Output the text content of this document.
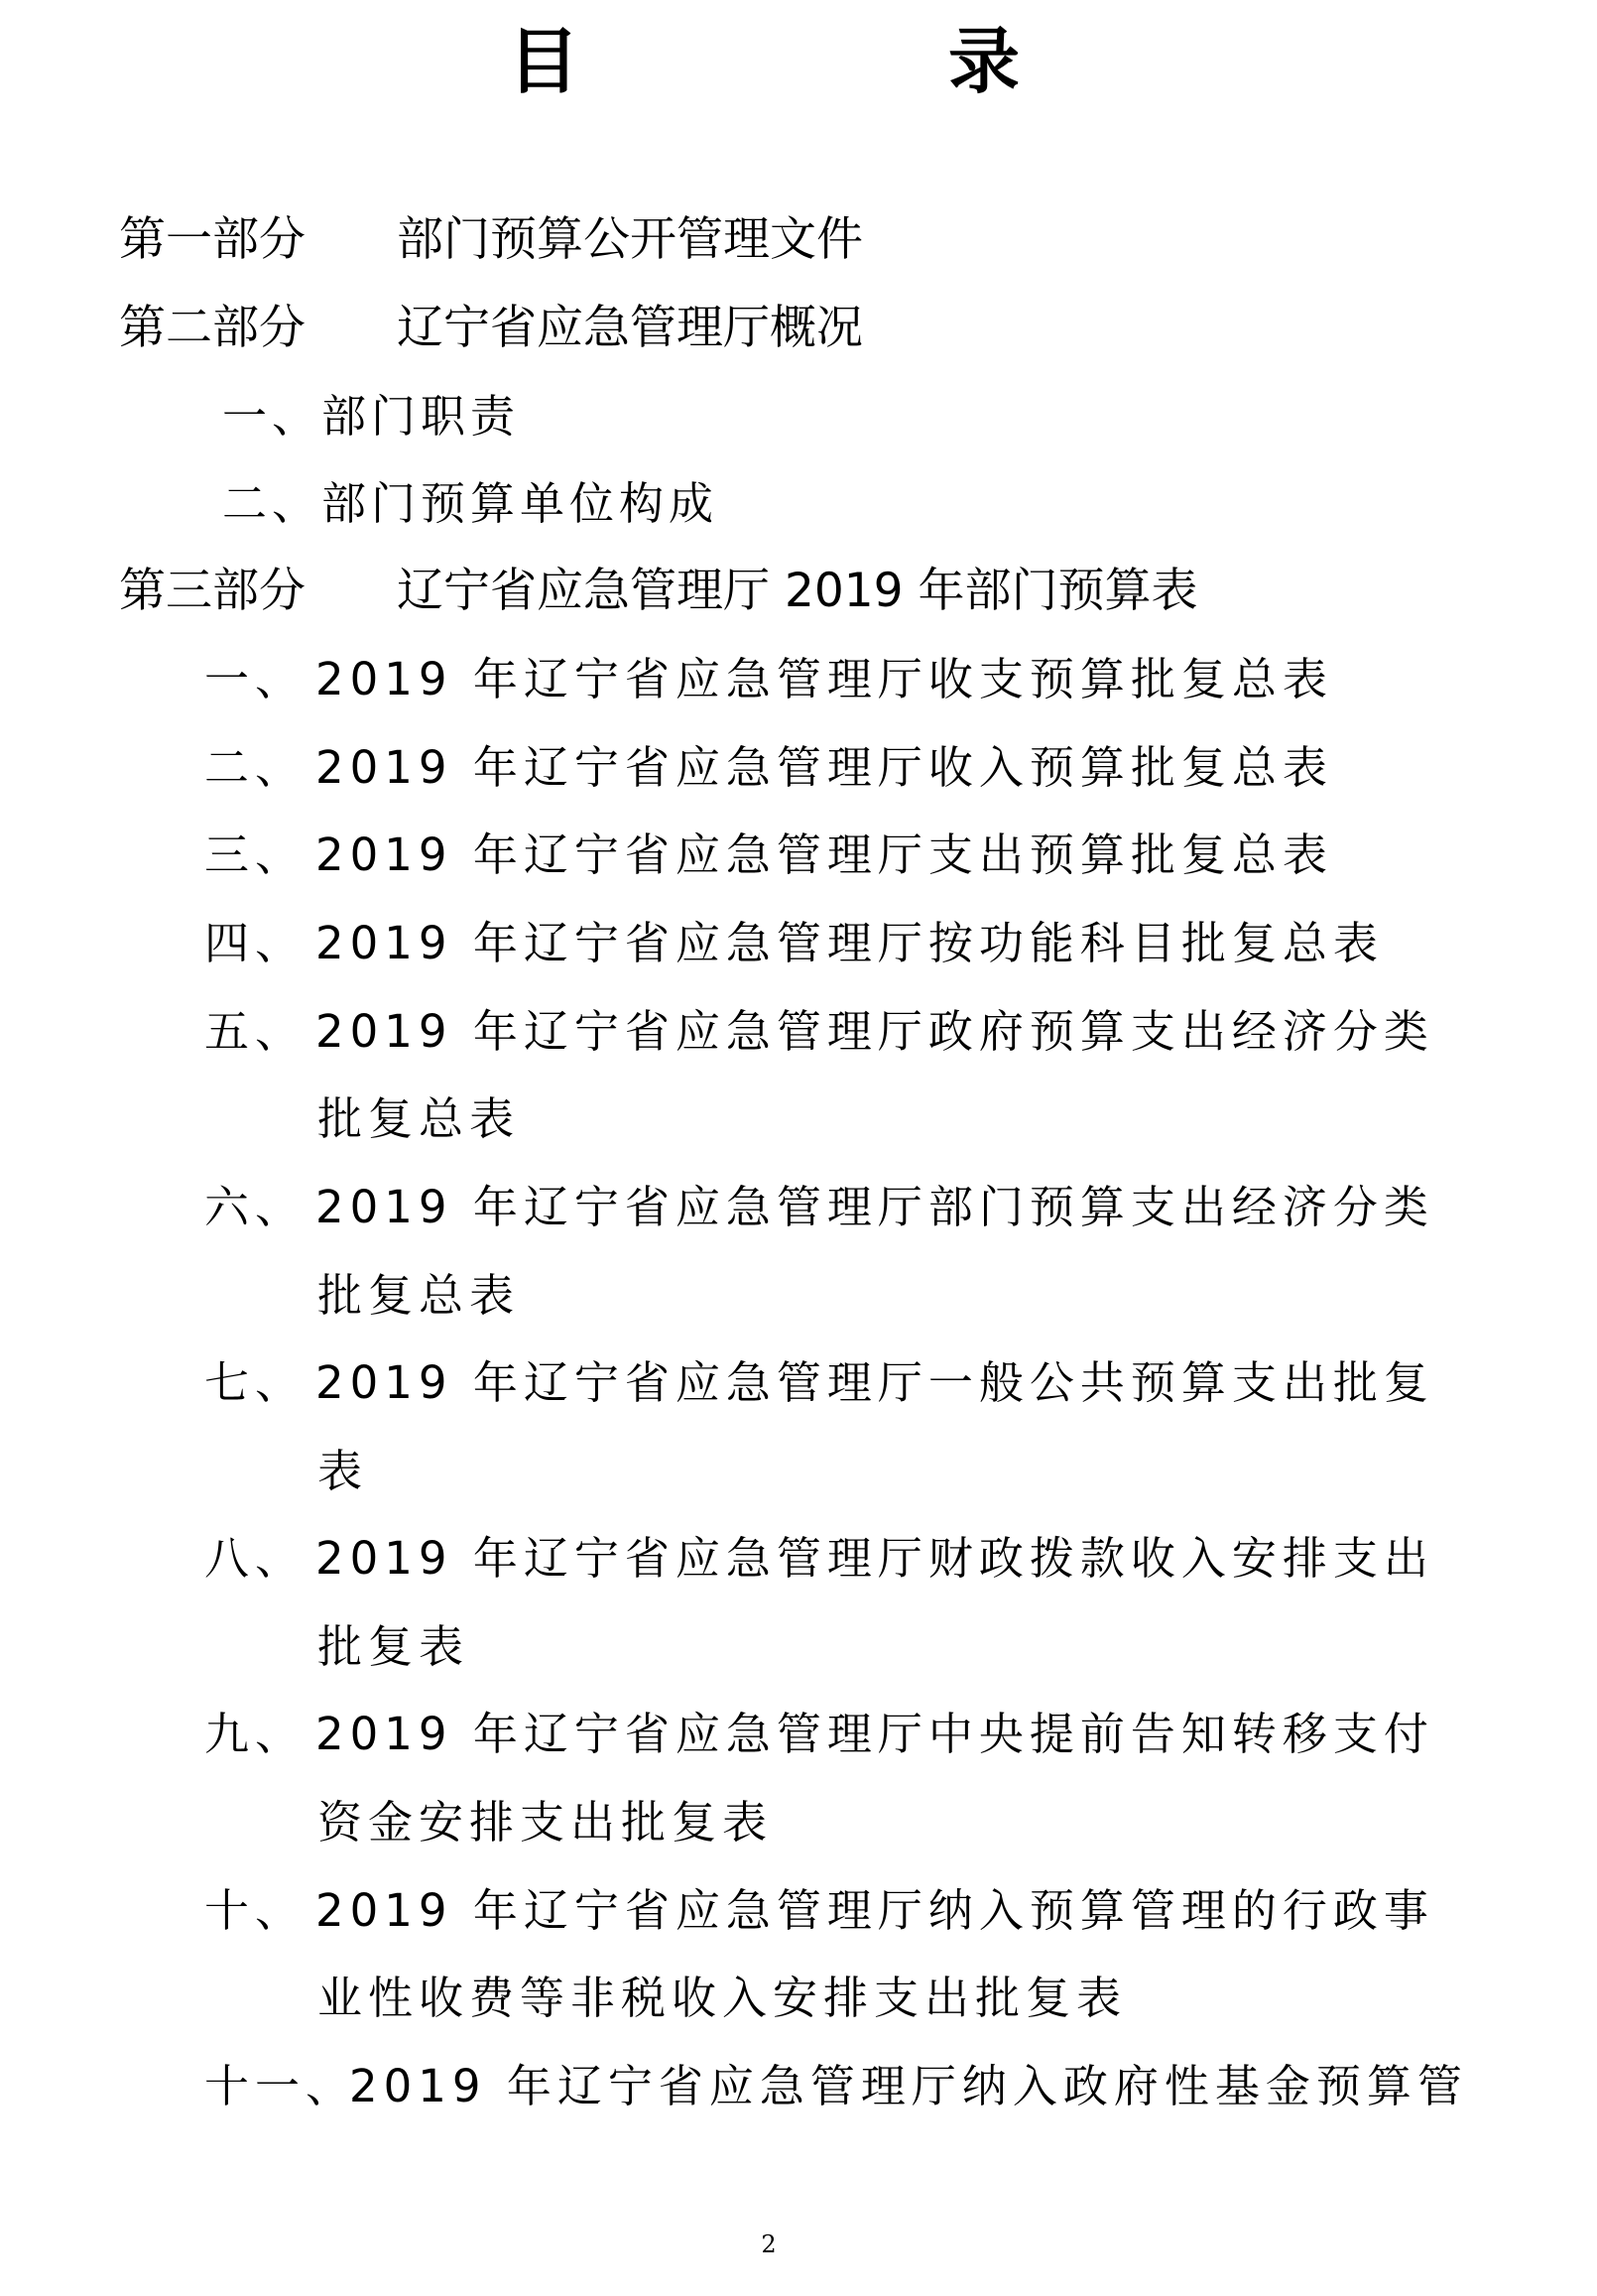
目　录
第一部分 部门预算公开管理文件
第二部分 辽宁省应急管理厅概况
一、部门职责
二、部门预算单位构成
第三部分 辽宁省应急管理厅 2019 年部门预算表
一、 2019 年辽宁省应急管理厅收支预算批复总表
二、 2019 年辽宁省应急管理厅收入预算批复总表
三、 2019 年辽宁省应急管理厅支出预算批复总表
四、 2019 年辽宁省应急管理厅按功能科目批复总表
五、 2019 年辽宁省应急管理厅政府预算支出经济分类
批复总表
六、 2019 年辽宁省应急管理厅部门预算支出经济分类
批复总表
七、 2019 年辽宁省应急管理厅一般公共预算支出批复
表
八、 2019 年辽宁省应急管理厅财政拨款收入安排支出
批复表
九、 2019 年辽宁省应急管理厅中央提前告知转移支付
资金安排支出批复表
十、 2019 年辽宁省应急管理厅纳入预算管理的行政事
业性收费等非税收入安排支出批复表
十一、2019 年辽宁省应急管理厅纳入政府性基金预算管
2
